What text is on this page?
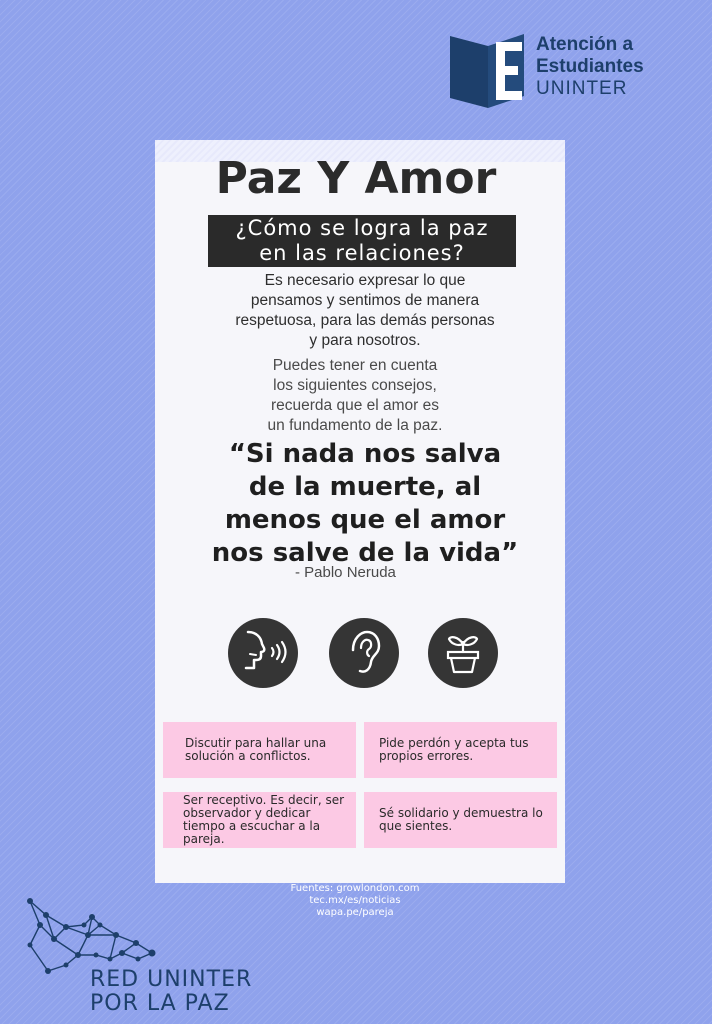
Atención a
Estudiantes
UNINTER
Paz Y Amor
¿Cómo se logra la paz
en las relaciones?
Es necesario expresar lo que
pensamos y sentimos de manera
respetuosa, para las demás personas
y para nosotros.
Puedes tener en cuenta
los siguientes consejos,
recuerda que el amor es
un fundamento de la paz.
“Si nada nos salva
de la muerte, al
menos que el amor
nos salve de la vida”
- Pablo Neruda
Discutir para hallar una solución a conflictos.
Pide perdón y acepta tus propios errores.
Ser receptivo. Es decir, ser observador y dedicar tiempo a escuchar a la pareja.
Sé solidario y demuestra lo que sientes.
Fuentes: growlondon.com
tec.mx/es/noticias
wapa.pe/pareja
RED UNINTER
POR LA PAZ
